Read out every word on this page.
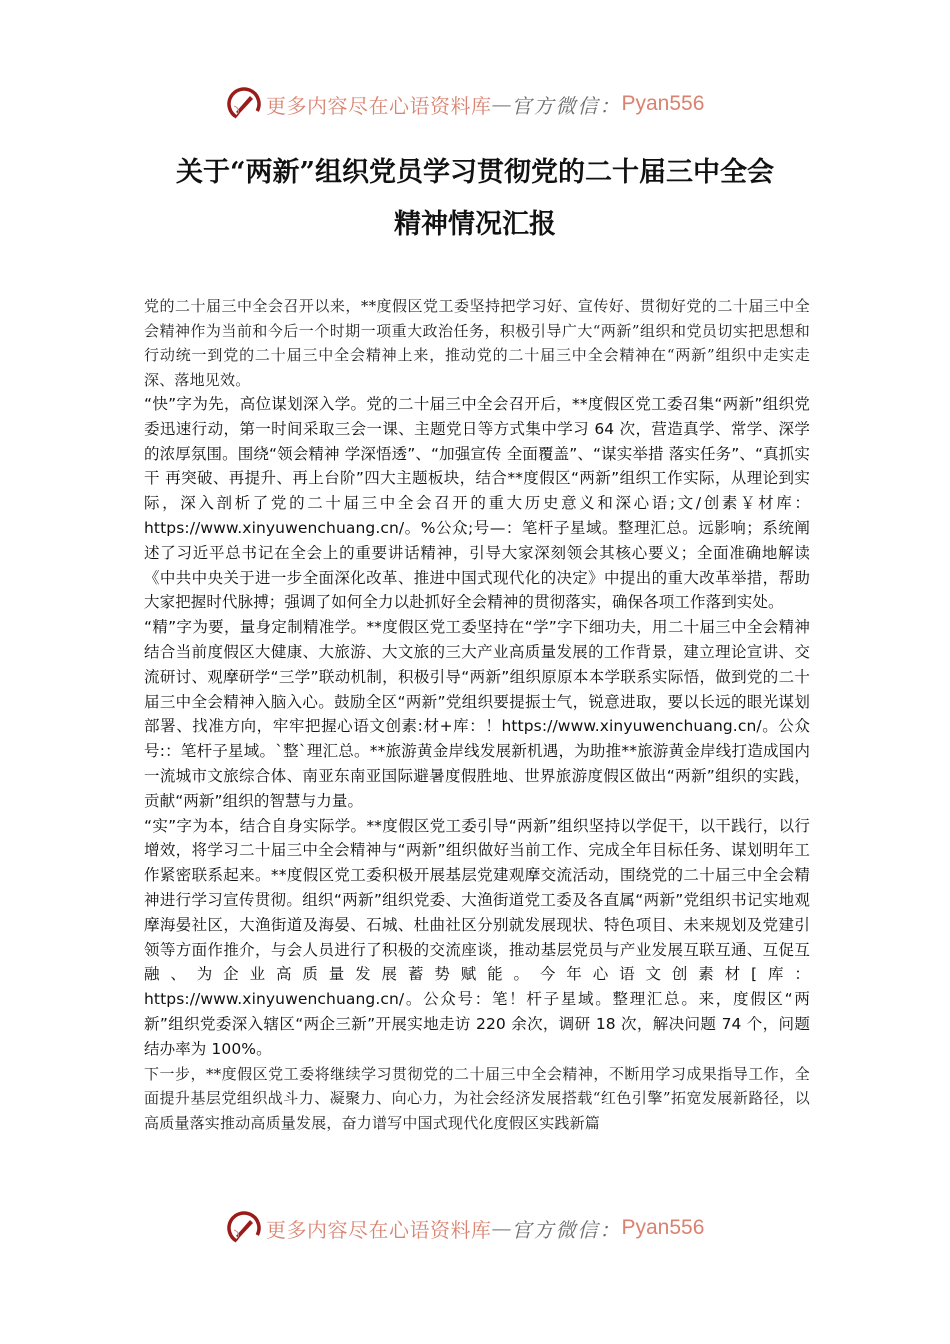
更多内容尽在心语资料库 — 官方微信： Pyan556
关于“两新”组织党员学习贯彻党的二十届三中全会
精神情况汇报

党的二十届三中全会召开以来，**度假区党工委坚持把学习好、宣传好、贯彻好党的二十届三中全会精神作为当前和今后一个时期一项重大政治任务，积极引导广大“两新”组织和党员切实把思想和行动统一到党的二十届三中全会精神上来，推动党的二十届三中全会精神在“两新”组织中走实走深、落地见效。

“快”字为先，高位谋划深入学。党的二十届三中全会召开后，**度假区党工委召集“两新”组织党委迅速行动，第一时间采取三会一课、主题党日等方式集中学习 64 次，营造真学、常学、深学的浓厚氛围。围绕“领会精神 学深悟透”、“加强宣传 全面覆盖”、“谋实举措 落实任务”、“真抓实干 再突破、再提升、再上台阶”四大主题板块，结合**度假区“两新”组织工作实际，从理论到实际，深入剖析了党的二十届三中全会召开的重大历史意义和深心语;文/创素￥材库：https://www.xinyuwenchuang.cn/。%公众;号—：笔杆子星域。整理汇总。远影响；系统阐述了习近平总书记在全会上的重要讲话精神，引导大家深刻领会其核心要义；全面准确地解读《中共中央关于进一步全面深化改革、推进中国式现代化的决定》中提出的重大改革举措，帮助大家把握时代脉搏；强调了如何全力以赴抓好全会精神的贯彻落实，确保各项工作落到实处。

“精”字为要，量身定制精准学。**度假区党工委坚持在“学”字下细功夫，用二十届三中全会精神结合当前度假区大健康、大旅游、大文旅的三大产业高质量发展的工作背景，建立理论宣讲、交流研讨、观摩研学“三学”联动机制，积极引导“两新”组织原原本本学联系实际悟，做到党的二十届三中全会精神入脑入心。鼓励全区“两新”党组织要提振士气，锐意进取，要以长远的眼光谋划部署、找准方向，牢牢把握心语文创素:材+库：！https://www.xinyuwenchuang.cn/。公众号:：笔杆子星域。`整`理汇总。**旅游黄金岸线发展新机遇，为助推**旅游黄金岸线打造成国内一流城市文旅综合体、南亚东南亚国际避暑度假胜地、世界旅游度假区做出“两新”组织的实践，贡献“两新”组织的智慧与力量。

“实”字为本，结合自身实际学。**度假区党工委引导“两新”组织坚持以学促干，以干践行，以行增效，将学习二十届三中全会精神与“两新”组织做好当前工作、完成全年目标任务、谋划明年工作紧密联系起来。**度假区党工委积极开展基层党建观摩交流活动，围绕党的二十届三中全会精神进行学习宣传贯彻。组织“两新”组织党委、大渔街道党工委及各直属“两新”党组织书记实地观摩海晏社区，大渔街道及海晏、石城、杜曲社区分别就发展现状、特色项目、未来规划及党建引领等方面作推介，与会人员进行了积极的交流座谈，推动基层党员与产业发展互联互通、互促互融、为企业高质量发展蓄势赋能。今年心语文创素材[库：https://www.xinyuwenchuang.cn/。公众号：笔！杆子星域。整理汇总。来，度假区“两新”组织党委深入辖区“两企三新”开展实地走访 220 余次，调研 18 次，解决问题 74 个，问题结办率为 100%。

下一步，**度假区党工委将继续学习贯彻党的二十届三中全会精神，不断用学习成果指导工作，全面提升基层党组织战斗力、凝聚力、向心力，为社会经济发展搭载“红色引擎”拓宽发展新路径，以高质量落实推动高质量发展，奋力谱写中国式现代化度假区实践新篇

更多内容尽在心语资料库 — 官方微信： Pyan556
